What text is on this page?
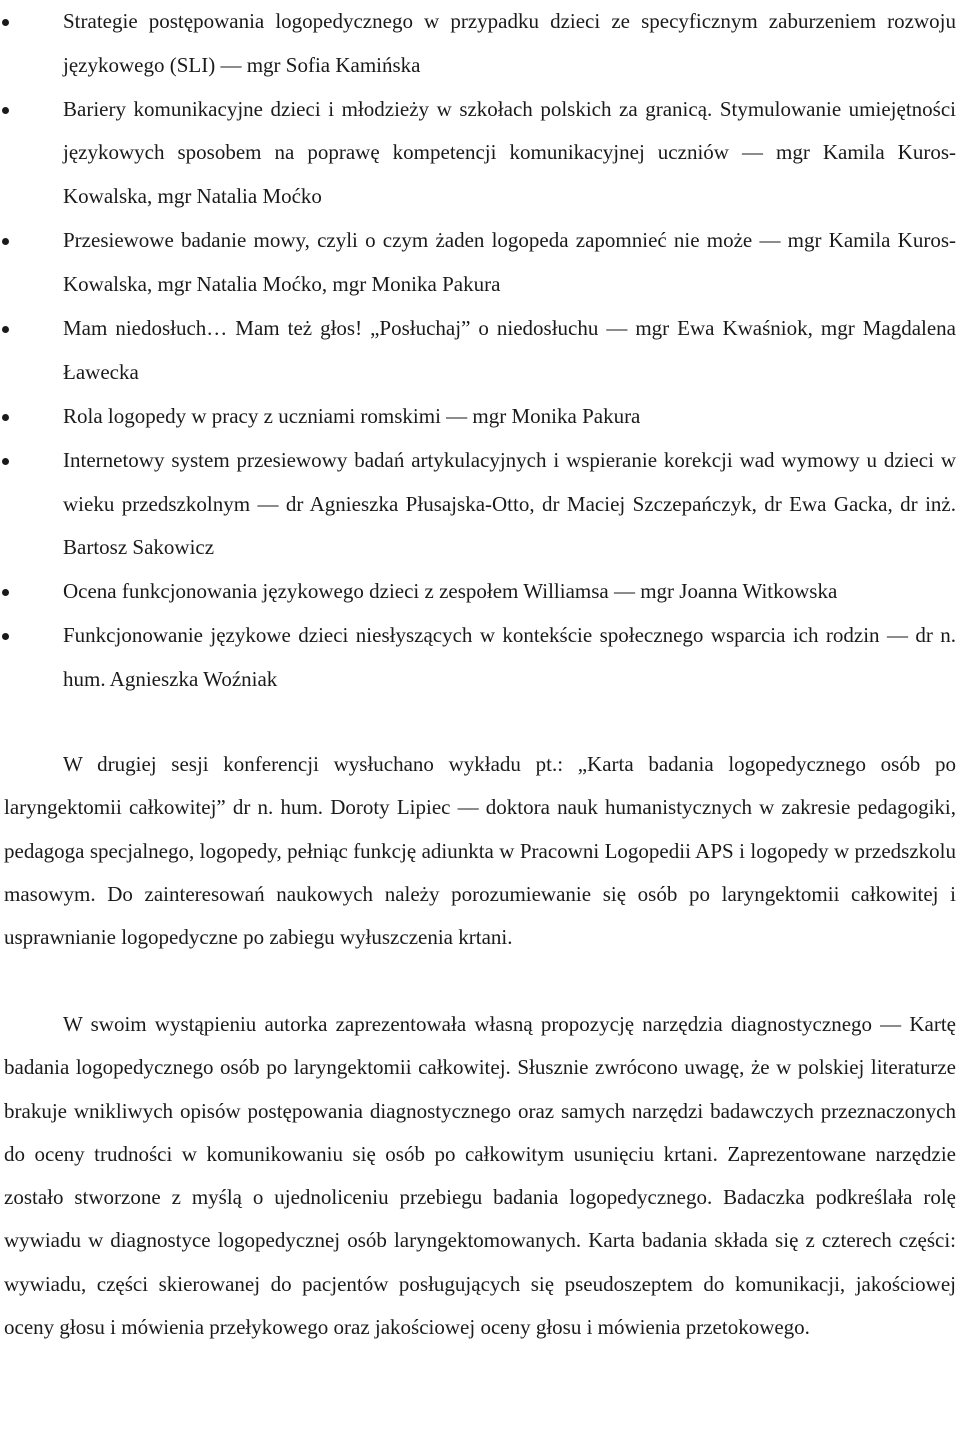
Strategie postępowania logopedycznego w przypadku dzieci ze specyficznym zaburzeniem rozwoju językowego (SLI) — mgr Sofia Kamińska
Bariery komunikacyjne dzieci i młodzieży w szkołach polskich za granicą. Stymulowanie umiejętności językowych sposobem na poprawę kompetencji komunikacyjnej uczniów — mgr Kamila Kuros-Kowalska, mgr Natalia Moćko
Przesiewowe badanie mowy, czyli o czym żaden logopeda zapomnieć nie może — mgr Kamila Kuros-Kowalska, mgr Natalia Moćko, mgr Monika Pakura
Mam niedosłuch… Mam też głos! „Posłuchaj” o niedosłuchu — mgr Ewa Kwaśniok, mgr Magdalena Ławecka
Rola logopedy w pracy z uczniami romskimi — mgr Monika Pakura
Internetowy system przesiewowy badań artykulacyjnych i wspieranie korekcji wad wymowy u dzieci w wieku przedszkolnym — dr Agnieszka Płusajska-Otto, dr Maciej Szczepańczyk, dr Ewa Gacka, dr inż. Bartosz Sakowicz
Ocena funkcjonowania językowego dzieci z zespołem Williamsa — mgr Joanna Witkowska
Funkcjonowanie językowe dzieci niesłyszących w kontekście społecznego wsparcia ich rodzin — dr n. hum. Agnieszka Woźniak

W drugiej sesji konferencji wysłuchano wykładu pt.: „Karta badania logopedycznego osób po laryngektomii całkowitej” dr n. hum. Doroty Lipiec — doktora nauk humanistycznych w zakresie pedagogiki, pedagoga specjalnego, logopedy, pełniąc funkcję adiunkta w Pracowni Logopedii APS i logopedy w przedszkolu masowym. Do zainteresowań naukowych należy porozumiewanie się osób po laryngektomii całkowitej i usprawnianie logopedyczne po zabiegu wyłuszczenia krtani.

W swoim wystąpieniu autorka zaprezentowała własną propozycję narzędzia diagnostycznego — Kartę badania logopedycznego osób po laryngektomii całkowitej. Słusznie zwrócono uwagę, że w polskiej literaturze brakuje wnikliwych opisów postępowania diagnostycznego oraz samych narzędzi badawczych przeznaczonych do oceny trudności w komunikowaniu się osób po całkowitym usunięciu krtani. Zaprezentowane narzędzie zostało stworzone z myślą o ujednoliceniu przebiegu badania logopedycznego. Badaczka podkreślała rolę wywiadu w diagnostyce logopedycznej osób laryngektomowanych. Karta badania składa się z czterech części: wywiadu, części skierowanej do pacjentów posługujących się pseudoszeptem do komunikacji, jakościowej oceny głosu i mówienia przełykowego oraz jakościowej oceny głosu i mówienia przetokowego.
